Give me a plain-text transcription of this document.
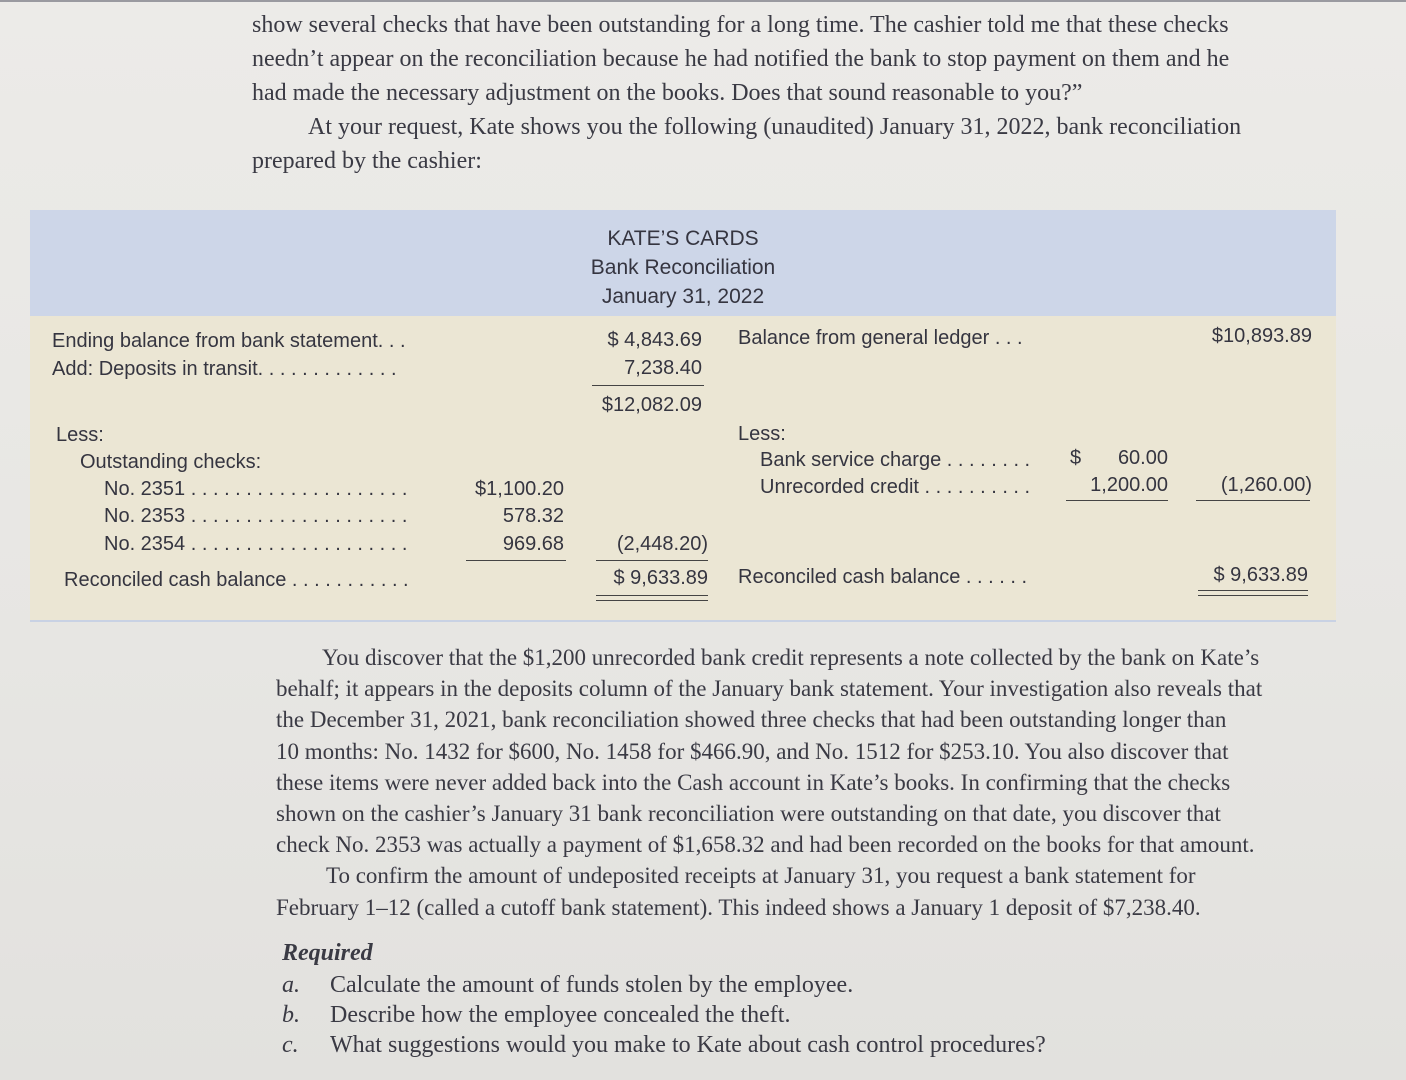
show several checks that have been outstanding for a long time. The cashier told me that these checks
needn’t appear on the reconciliation because he had notified the bank to stop payment on them and he
had made the necessary adjustment on the books. Does that sound reasonable to you?”
At your request, Kate shows you the following (unaudited) January 31, 2022, bank reconciliation
prepared by the cashier:

KATE’S CARDS
Bank Reconciliation
January 31, 2022
Ending balance from bank statement. . .	$ 4,843.69
Add: Deposits in transit. . . . . . . . . . . . .	7,238.40
$12,082.09
Less:
Outstanding checks:
No. 2351 . . . . . . . . . . . . . . . . . . . .	$1,100.20
No. 2353 . . . . . . . . . . . . . . . . . . . .	578.32
No. 2354 . . . . . . . . . . . . . . . . . . . .	969.68	(2,448.20)
Reconciled cash balance . . . . . . . . . . .	$ 9,633.89
Balance from general ledger . . .	$10,893.89
Less:
Bank service charge . . . . . . . . $	60.00
Unrecorded credit . . . . . . . . . .	1,200.00	(1,260.00)
Reconciled cash balance . . . . . .	$ 9,633.89

You discover that the $1,200 unrecorded bank credit represents a note collected by the bank on Kate’s
behalf; it appears in the deposits column of the January bank statement. Your investigation also reveals that
the December 31, 2021, bank reconciliation showed three checks that had been outstanding longer than
10 months: No. 1432 for $600, No. 1458 for $466.90, and No. 1512 for $253.10. You also discover that
these items were never added back into the Cash account in Kate’s books. In confirming that the checks
shown on the cashier’s January 31 bank reconciliation were outstanding on that date, you discover that
check No. 2353 was actually a payment of $1,658.32 and had been recorded on the books for that amount.
To confirm the amount of undeposited receipts at January 31, you request a bank statement for
February 1–12 (called a cutoff bank statement). This indeed shows a January 1 deposit of $7,238.40.

Required
a. Calculate the amount of funds stolen by the employee.
b. Describe how the employee concealed the theft.
c. What suggestions would you make to Kate about cash control procedures?
